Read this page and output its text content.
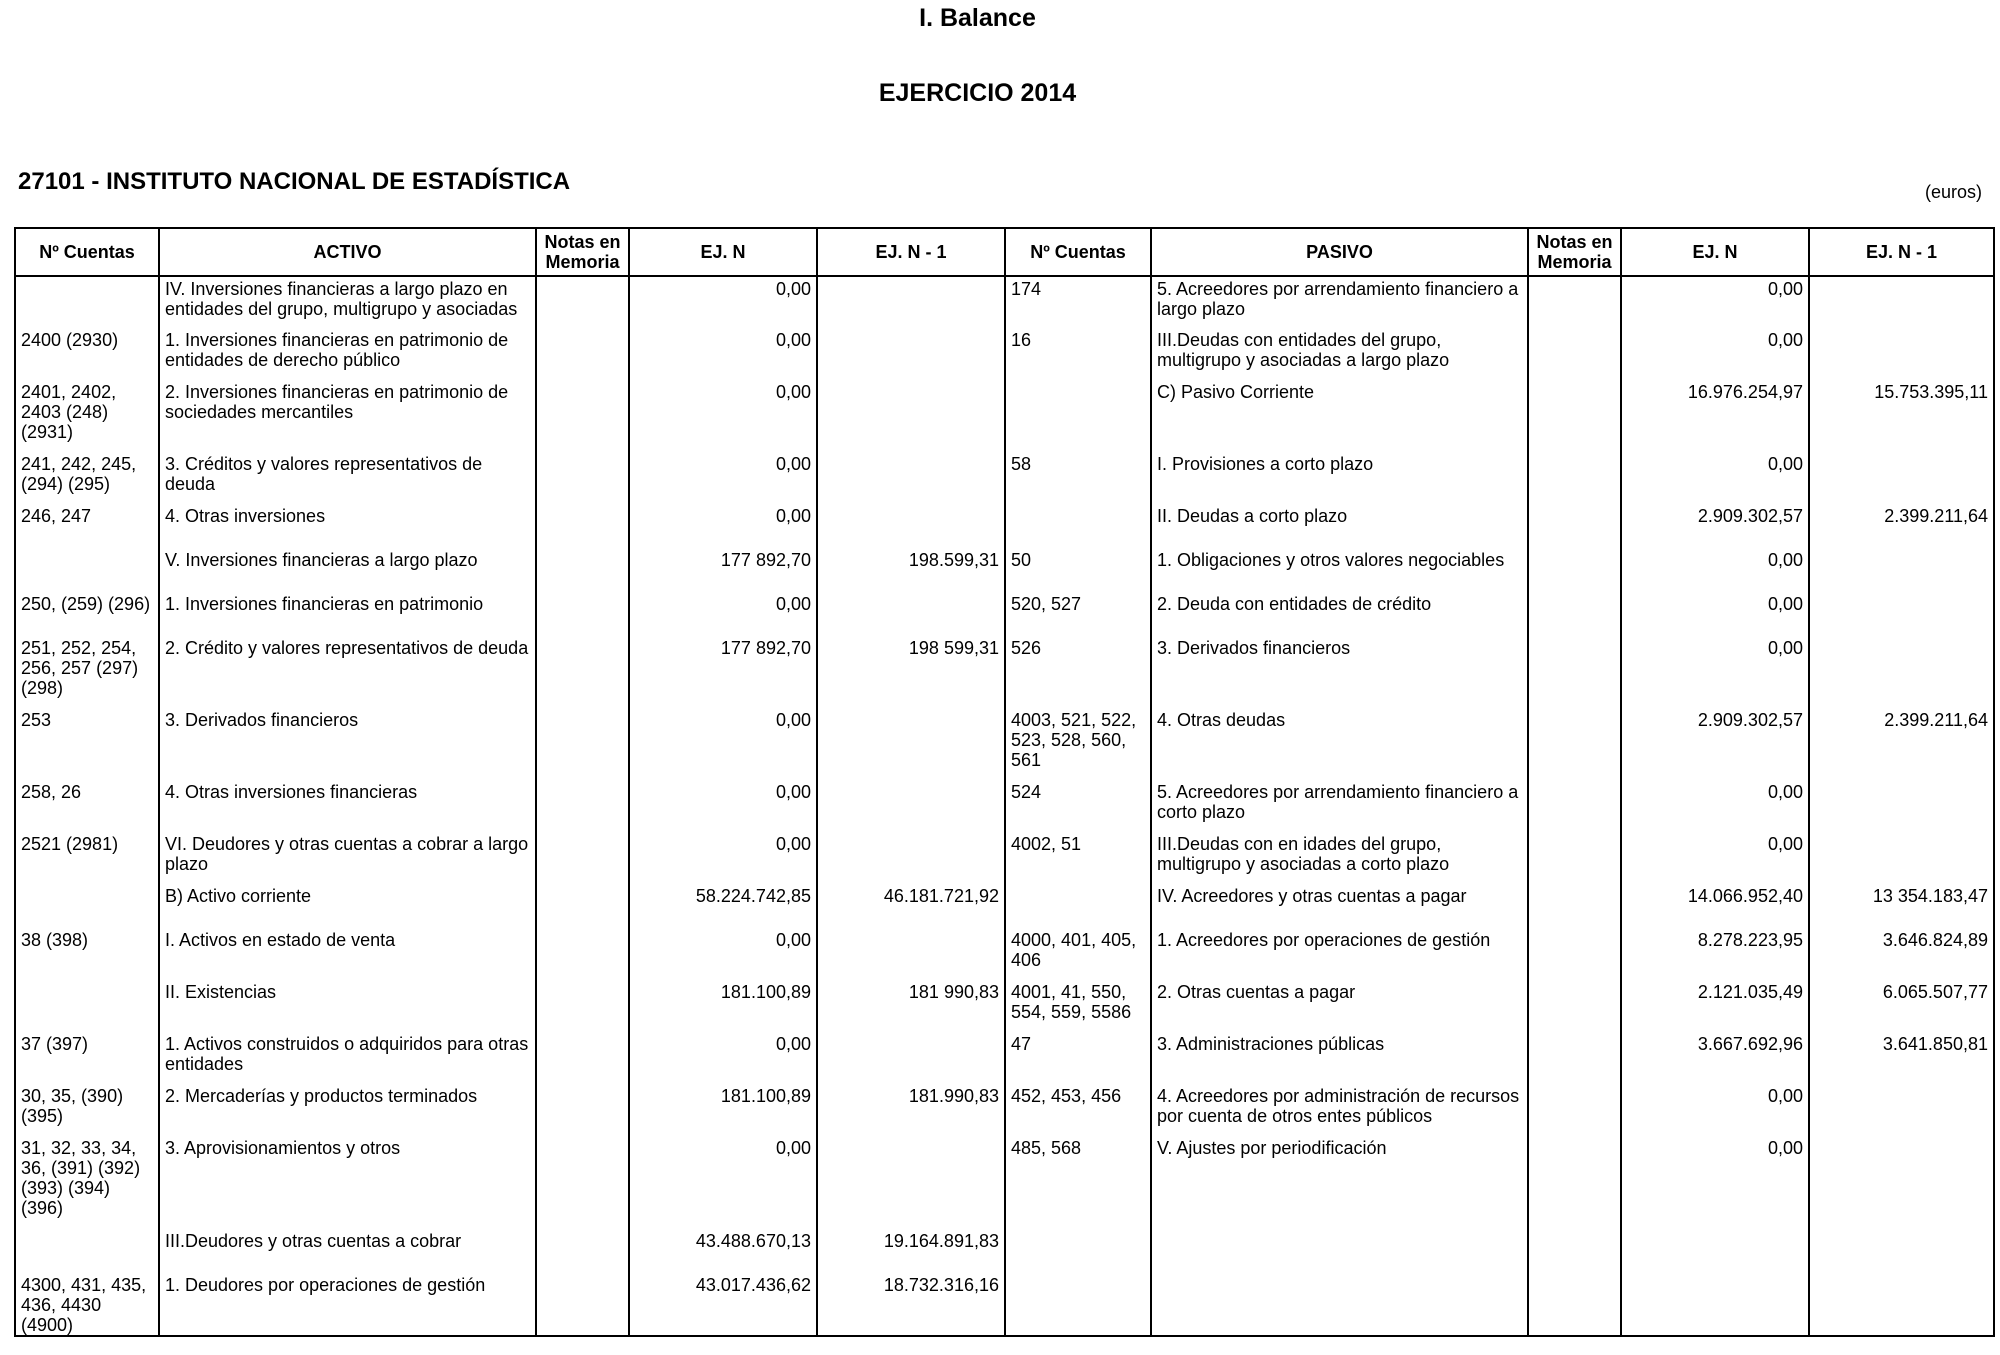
I. Balance
EJERCICIO 2014
27101 - INSTITUTO NACIONAL DE ESTADÍSTICA	(euros)
Nº Cuentas	ACTIVO	Notas en Memoria	EJ. N	EJ. N - 1	Nº Cuentas	PASIVO	Notas en Memoria	EJ. N	EJ. N - 1
	IV. Inversiones financieras a largo plazo en entidades del grupo, multigrupo y asociadas		0,00		174	5. Acreedores por arrendamiento financiero a largo plazo		0,00	
2400 (2930)	1. Inversiones financieras en patrimonio de entidades de derecho público		0,00		16	III.Deudas con entidades del grupo, multigrupo y asociadas a largo plazo		0,00	
2401, 2402, 2403 (248) (2931)	2. Inversiones financieras en patrimonio de sociedades mercantiles		0,00			C) Pasivo Corriente		16.976.254,97	15.753.395,11
241, 242, 245, (294) (295)	3. Créditos y valores representativos de deuda		0,00		58	I. Provisiones a corto plazo		0,00	
246, 247	4. Otras inversiones		0,00			II. Deudas a corto plazo		2.909.302,57	2.399.211,64
	V. Inversiones financieras a largo plazo		177 892,70	198.599,31	50	1. Obligaciones y otros valores negociables		0,00	
250, (259) (296)	1. Inversiones financieras en patrimonio		0,00		520, 527	2. Deuda con entidades de crédito		0,00	
251, 252, 254, 256, 257 (297) (298)	2. Crédito y valores representativos de deuda		177 892,70	198 599,31	526	3. Derivados financieros		0,00	
253	3. Derivados financieros		0,00		4003, 521, 522, 523, 528, 560, 561	4. Otras deudas		2.909.302,57	2.399.211,64
258, 26	4. Otras inversiones financieras		0,00		524	5. Acreedores por arrendamiento financiero a corto plazo		0,00	
2521 (2981)	VI. Deudores y otras cuentas a cobrar a largo plazo		0,00		4002, 51	III.Deudas con en idades del grupo, multigrupo y asociadas a corto plazo		0,00	
	B) Activo corriente		58.224.742,85	46.181.721,92		IV. Acreedores y otras cuentas a pagar		14.066.952,40	13 354.183,47
38 (398)	I. Activos en estado de venta		0,00		4000, 401, 405, 406	1. Acreedores por operaciones de gestión		8.278.223,95	3.646.824,89
	II. Existencias		181.100,89	181 990,83	4001, 41, 550, 554, 559, 5586	2. Otras cuentas a pagar		2.121.035,49	6.065.507,77
37 (397)	1. Activos construidos o adquiridos para otras entidades		0,00		47	3. Administraciones públicas		3.667.692,96	3.641.850,81
30, 35, (390) (395)	2. Mercaderías y productos terminados		181.100,89	181.990,83	452, 453, 456	4. Acreedores por administración de recursos por cuenta de otros entes públicos		0,00	
31, 32, 33, 34, 36, (391) (392) (393) (394) (396)	3. Aprovisionamientos y otros		0,00		485, 568	V. Ajustes por periodificación		0,00	
	III.Deudores y otras cuentas a cobrar		43.488.670,13	19.164.891,83					
4300, 431, 435, 436, 4430 (4900)	1. Deudores por operaciones de gestión		43.017.436,62	18.732.316,16					
